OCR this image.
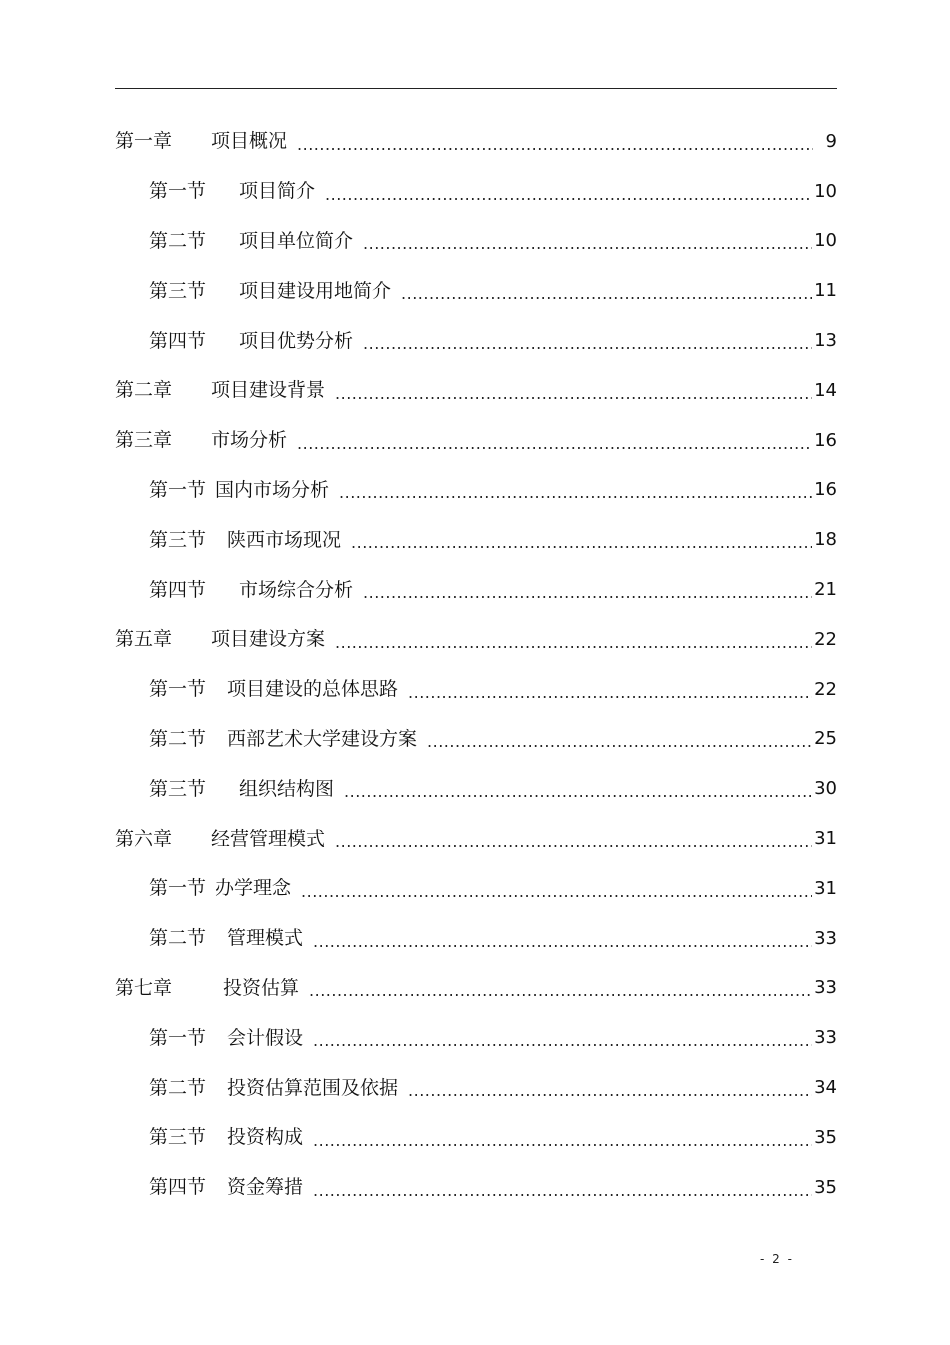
第一章	项目概况 .....	9
第一节	项目简介 .....	10
第二节	项目单位简介 .....	10
第三节	项目建设用地简介 .....	11
第四节	项目优势分析 .....	13
第二章	项目建设背景 .....	14
第三章	市场分析 .....	16
第一节 国内市场分析 .....	16
第三节	陕西市场现况 .....	18
第四节	市场综合分析 .....	21
第五章	项目建设方案 .....	22
第一节	项目建设的总体思路 .....	22
第二节	西部艺术大学建设方案 .....	25
第三节	组织结构图 .....	30
第六章	经营管理模式 .....	31
第一节 办学理念 .....	31
第二节	管理模式 .....	33
第七章	投资估算 .....	33
第一节	会计假设 .....	33
第二节	投资估算范围及依据 .....	34
第三节	投资构成 .....	35
第四节	资金筹措 .....	35
- 2 -
